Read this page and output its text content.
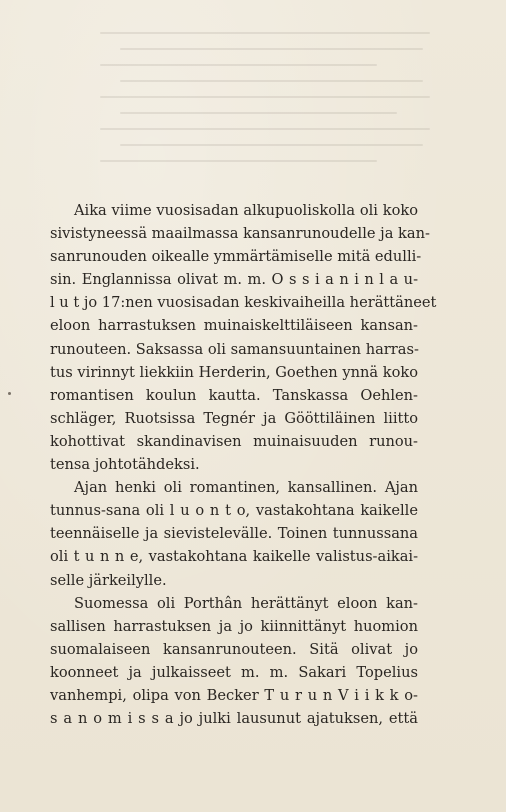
Aika viime vuosisadan alkupuoliskolla oli koko
sivistyneessä maailmassa kansanrunoudelle ja kan-
sanrunouden oikealle ymmärtämiselle mitä edulli-
sin. Englannissa olivat m. m. O s s i a n i n l a u-
l u t jo 17:nen vuosisadan keskivaiheilla herättäneet
eloon harrastuksen muinaiskelttiläiseen kansan-
runouteen. Saksassa oli samansuuntainen harras-
tus virinnyt liekkiin Herderin, Goethen ynnä koko
romantisen koulun kautta. Tanskassa Oehlen-
schläger, Ruotsissa Tegnér ja Gööttiläinen liitto
kohottivat skandinavisen muinaisuuden runou-
tensa johtotähdeksi.
Ajan henki oli romantinen, kansallinen. Ajan
tunnus-sana oli l u o n t o, vastakohtana kaikelle
teennäiselle ja sievistelevälle. Toinen tunnussana
oli t u n n e, vastakohtana kaikelle valistus-aikai-
selle järkeilylle.
Suomessa oli Porthân herättänyt eloon kan-
sallisen harrastuksen ja jo kiinnittänyt huomion
suomalaiseen kansanrunouteen. Sitä olivat jo
koonneet ja julkaisseet m. m. Sakari Topelius
vanhempi, olipa von Becker T u r u n V i i k k o-
s a n o m i s s a jo julki lausunut ajatuksen, että
